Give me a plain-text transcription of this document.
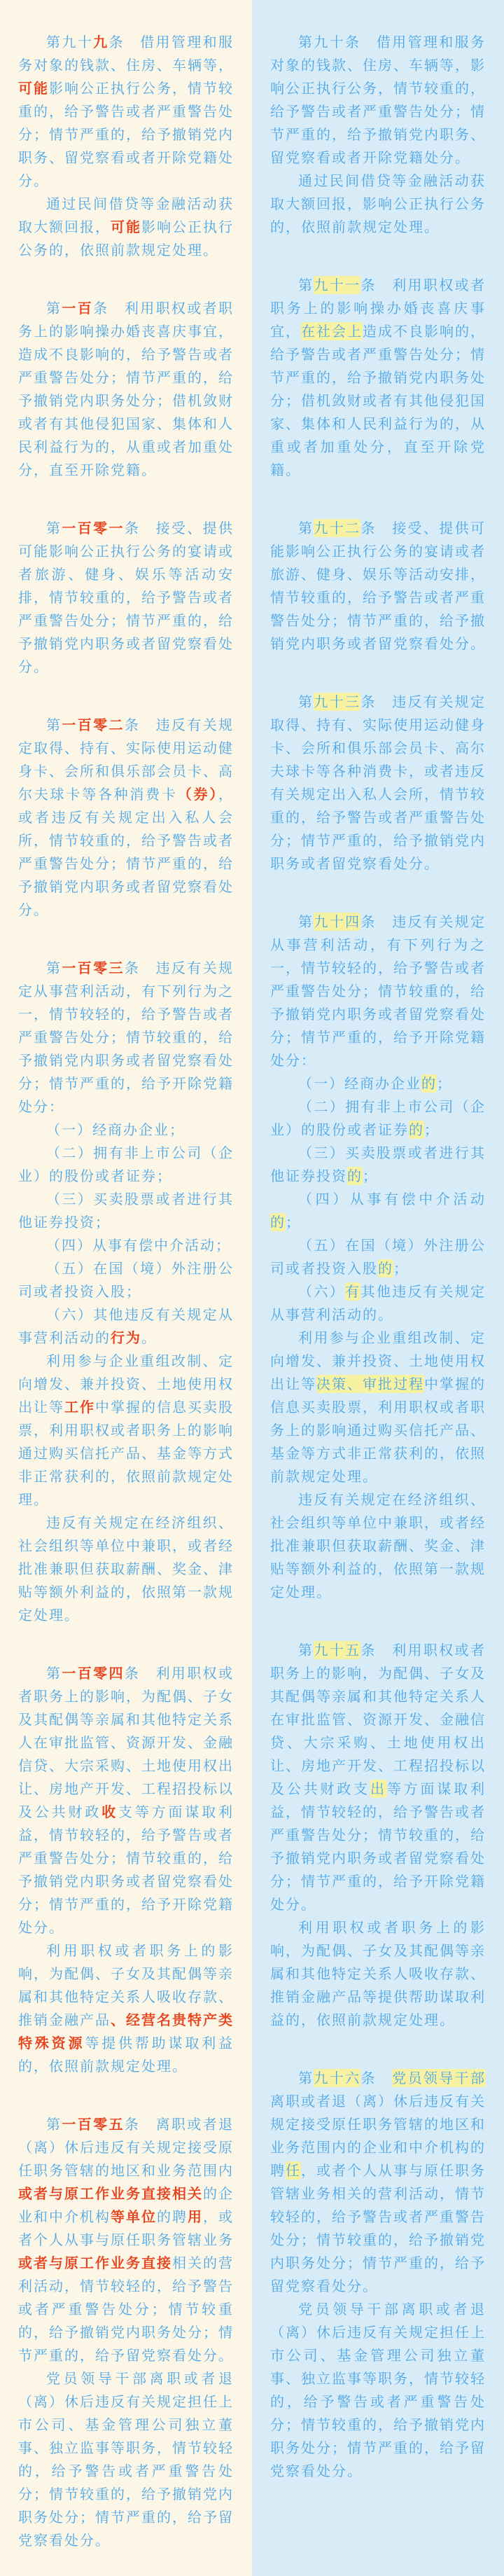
第九十九条　借用管理和服务对象的钱款、住房、车辆等，可能影响公正执行公务，情节较重的，给予警告或者严重警告处分；情节严重的，给予撤销党内职务、留党察看或者开除党籍处分。

通过民间借贷等金融活动获取大额回报，可能影响公正执行公务的，依照前款规定处理。

第一百条　利用职权或者职务上的影响操办婚丧喜庆事宜，造成不良影响的，给予警告或者严重警告处分；情节严重的，给予撤销党内职务处分；借机敛财或者有其他侵犯国家、集体和人民利益行为的，从重或者加重处分，直至开除党籍。

第一百零一条　接受、提供可能影响公正执行公务的宴请或者旅游、健身、娱乐等活动安排，情节较重的，给予警告或者严重警告处分；情节严重的，给予撤销党内职务或者留党察看处分。

第一百零二条　违反有关规定取得、持有、实际使用运动健身卡、会所和俱乐部会员卡、高尔夫球卡等各种消费卡（券），或者违反有关规定出入私人会所，情节较重的，给予警告或者严重警告处分；情节严重的，给予撤销党内职务或者留党察看处分。

第一百零三条　违反有关规定从事营利活动，有下列行为之一，情节较轻的，给予警告或者严重警告处分；情节较重的，给予撤销党内职务或者留党察看处分；情节严重的，给予开除党籍处分：

（一）经商办企业；

（二）拥有非上市公司（企业）的股份或者证券；

（三）买卖股票或者进行其他证券投资；

（四）从事有偿中介活动；

（五）在国（境）外注册公司或者投资入股；

（六）其他违反有关规定从事营利活动的行为。

利用参与企业重组改制、定向增发、兼并投资、土地使用权出让等工作中掌握的信息买卖股票，利用职权或者职务上的影响通过购买信托产品、基金等方式非正常获利的，依照前款规定处理。

违反有关规定在经济组织、社会组织等单位中兼职，或者经批准兼职但获取薪酬、奖金、津贴等额外利益的，依照第一款规定处理。

第一百零四条　利用职权或者职务上的影响，为配偶、子女及其配偶等亲属和其他特定关系人在审批监管、资源开发、金融信贷、大宗采购、土地使用权出让、房地产开发、工程招投标以及公共财政收支等方面谋取利益，情节较轻的，给予警告或者严重警告处分；情节较重的，给予撤销党内职务或者留党察看处分；情节严重的，给予开除党籍处分。

利用职权或者职务上的影响，为配偶、子女及其配偶等亲属和其他特定关系人吸收存款、推销金融产品、经营名贵特产类特殊资源等提供帮助谋取利益的，依照前款规定处理。

第一百零五条　离职或者退（离）休后违反有关规定接受原任职务管辖的地区和业务范围内或者与原工作业务直接相关的企业和中介机构等单位的聘用，或者个人从事与原任职务管辖业务或者与原工作业务直接相关的营利活动，情节较轻的，给予警告或者严重警告处分；情节较重的，给予撤销党内职务处分；情节严重的，给予留党察看处分。

党员领导干部离职或者退（离）休后违反有关规定担任上市公司、基金管理公司独立董事、独立监事等职务，情节较轻的，给予警告或者严重警告处分；情节较重的，给予撤销党内职务处分；情节严重的，给予留党察看处分。

第九十条　借用管理和服务对象的钱款、住房、车辆等，影响公正执行公务，情节较重的，给予警告或者严重警告处分；情节严重的，给予撤销党内职务、留党察看或者开除党籍处分。

通过民间借贷等金融活动获取大额回报，影响公正执行公务的，依照前款规定处理。

第九十一条　利用职权或者职务上的影响操办婚丧喜庆事宜，在社会上造成不良影响的，给予警告或者严重警告处分；情节严重的，给予撤销党内职务处分；借机敛财或者有其他侵犯国家、集体和人民利益行为的，从重或者加重处分，直至开除党籍。

第九十二条　接受、提供可能影响公正执行公务的宴请或者旅游、健身、娱乐等活动安排，情节较重的，给予警告或者严重警告处分；情节严重的，给予撤销党内职务或者留党察看处分。

第九十三条　违反有关规定取得、持有、实际使用运动健身卡、会所和俱乐部会员卡、高尔夫球卡等各种消费卡，或者违反有关规定出入私人会所，情节较重的，给予警告或者严重警告处分；情节严重的，给予撤销党内职务或者留党察看处分。

第九十四条　违反有关规定从事营利活动，有下列行为之一，情节较轻的，给予警告或者严重警告处分；情节较重的，给予撤销党内职务或者留党察看处分；情节严重的，给予开除党籍处分：

（一）经商办企业的；

（二）拥有非上市公司（企业）的股份或者证券的；

（三）买卖股票或者进行其他证券投资的；

（四）从事有偿中介活动的；

（五）在国（境）外注册公司或者投资入股的；

（六）有其他违反有关规定从事营利活动的。

利用参与企业重组改制、定向增发、兼并投资、土地使用权出让等决策、审批过程中掌握的信息买卖股票，利用职权或者职务上的影响通过购买信托产品、基金等方式非正常获利的，依照前款规定处理。

违反有关规定在经济组织、社会组织等单位中兼职，或者经批准兼职但获取薪酬、奖金、津贴等额外利益的，依照第一款规定处理。

第九十五条　利用职权或者职务上的影响，为配偶、子女及其配偶等亲属和其他特定关系人在审批监管、资源开发、金融信贷、大宗采购、土地使用权出让、房地产开发、工程招投标以及公共财政支出等方面谋取利益，情节较轻的，给予警告或者严重警告处分；情节较重的，给予撤销党内职务或者留党察看处分；情节严重的，给予开除党籍处分。

利用职权或者职务上的影响，为配偶、子女及其配偶等亲属和其他特定关系人吸收存款、推销金融产品等提供帮助谋取利益的，依照前款规定处理。

第九十六条　党员领导干部离职或者退（离）休后违反有关规定接受原任职务管辖的地区和业务范围内的企业和中介机构的聘任，或者个人从事与原任职务管辖业务相关的营利活动，情节较轻的，给予警告或者严重警告处分；情节较重的，给予撤销党内职务处分；情节严重的，给予留党察看处分。

党员领导干部离职或者退（离）休后违反有关规定担任上市公司、基金管理公司独立董事、独立监事等职务，情节较轻的，给予警告或者严重警告处分；情节较重的，给予撤销党内职务处分；情节严重的，给予留党察看处分。
